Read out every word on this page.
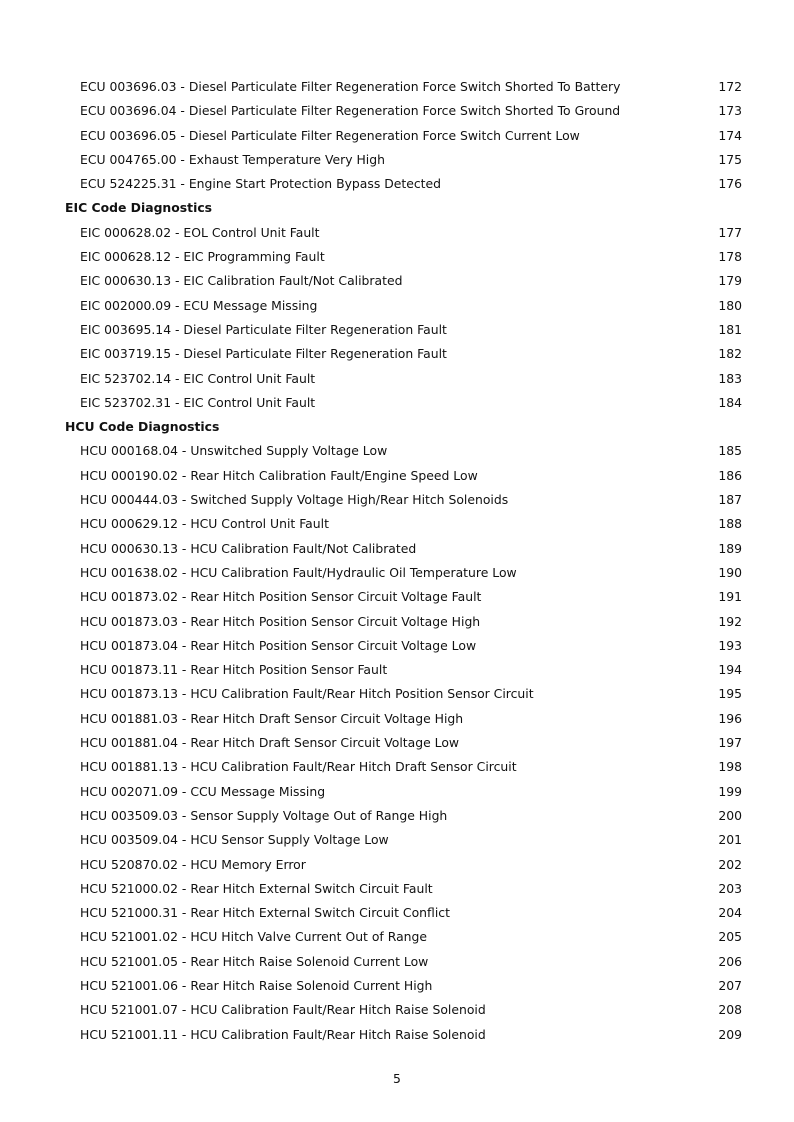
ECU 003696.03 - Diesel Particulate Filter Regeneration Force Switch Shorted To Battery	172
ECU 003696.04 - Diesel Particulate Filter Regeneration Force Switch Shorted To Ground	173
ECU 003696.05 - Diesel Particulate Filter Regeneration Force Switch Current Low	174
ECU 004765.00 - Exhaust Temperature Very High	175
ECU 524225.31 - Engine Start Protection Bypass Detected	176
EIC Code Diagnostics
EIC 000628.02 - EOL Control Unit Fault	177
EIC 000628.12 - EIC Programming Fault	178
EIC 000630.13 - EIC Calibration Fault/Not Calibrated	179
EIC 002000.09 - ECU Message Missing	180
EIC 003695.14 - Diesel Particulate Filter Regeneration Fault	181
EIC 003719.15 - Diesel Particulate Filter Regeneration Fault	182
EIC 523702.14 - EIC Control Unit Fault	183
EIC 523702.31 - EIC Control Unit Fault	184
HCU Code Diagnostics
HCU 000168.04 - Unswitched Supply Voltage Low	185
HCU 000190.02 - Rear Hitch Calibration Fault/Engine Speed Low	186
HCU 000444.03 - Switched Supply Voltage High/Rear Hitch Solenoids	187
HCU 000629.12 - HCU Control Unit Fault	188
HCU 000630.13 - HCU Calibration Fault/Not Calibrated	189
HCU 001638.02 - HCU Calibration Fault/Hydraulic Oil Temperature Low	190
HCU 001873.02 - Rear Hitch Position Sensor Circuit Voltage Fault	191
HCU 001873.03 - Rear Hitch Position Sensor Circuit Voltage High	192
HCU 001873.04 - Rear Hitch Position Sensor Circuit Voltage Low	193
HCU 001873.11 - Rear Hitch Position Sensor Fault	194
HCU 001873.13 - HCU Calibration Fault/Rear Hitch Position Sensor Circuit	195
HCU 001881.03 - Rear Hitch Draft Sensor Circuit Voltage High	196
HCU 001881.04 - Rear Hitch Draft Sensor Circuit Voltage Low	197
HCU 001881.13 - HCU Calibration Fault/Rear Hitch Draft Sensor Circuit	198
HCU 002071.09 - CCU Message Missing	199
HCU 003509.03 - Sensor Supply Voltage Out of Range High	200
HCU 003509.04 - HCU Sensor Supply Voltage Low	201
HCU 520870.02 - HCU Memory Error	202
HCU 521000.02 - Rear Hitch External Switch Circuit Fault	203
HCU 521000.31 - Rear Hitch External Switch Circuit Conflict	204
HCU 521001.02 - HCU Hitch Valve Current Out of Range	205
HCU 521001.05 - Rear Hitch Raise Solenoid Current Low	206
HCU 521001.06 - Rear Hitch Raise Solenoid Current High	207
HCU 521001.07 - HCU Calibration Fault/Rear Hitch Raise Solenoid	208
HCU 521001.11 - HCU Calibration Fault/Rear Hitch Raise Solenoid	209
5
